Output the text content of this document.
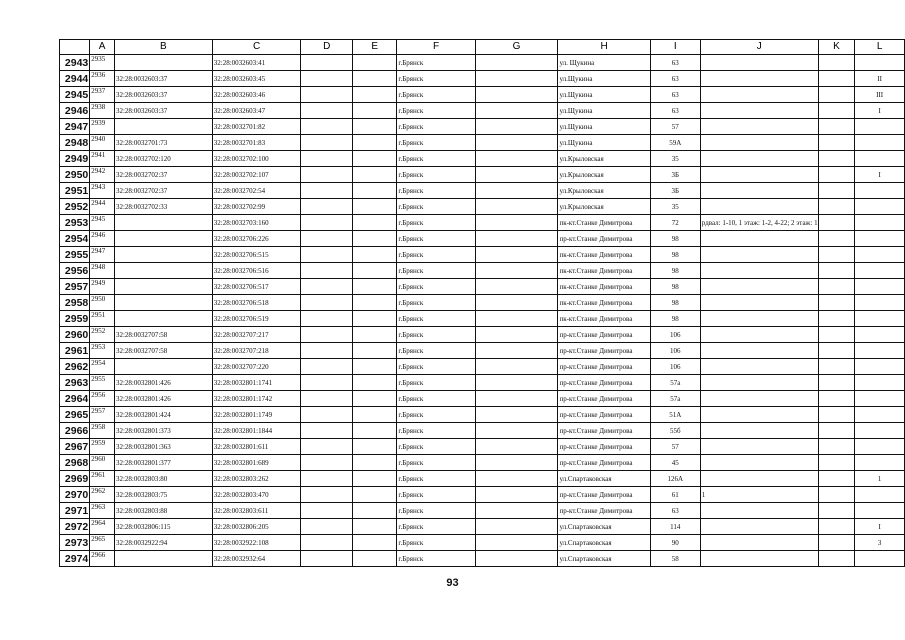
	A	B	C	D	E	F	G	H	I	J	K	L
2943	2935		32:28:0032603:41			г.Брянск		ул. Щукина	63			
2944	2936	32:28:0032603:37	32:28:0032603:45			г.Брянск		ул.Щукина	63			II
2945	2937	32:28:0032603:37	32:28:0032603:46			г.Брянск		ул.Щукина	63			III
2946	2938	32:28:0032603:37	32:28:0032603:47			г.Брянск		ул.Щукина	63			I
2947	2939		32:28:0032701:82			г.Брянск		ул.Щукина	57			
2948	2940	32:28:0032701:73	32:28:0032701:83			г.Брянск		ул.Щукина	59А			
2949	2941	32:28:0032702:120	32:28:0032702:100			г.Брянск		ул.Крыловская	35			
2950	2942	32:28:0032702:37	32:28:0032702:107			г.Брянск		ул.Крыловская	3Б			I
2951	2943	32:28:0032702:37	32:28:0032702:54			г.Брянск		ул.Крыловская	3Б			
2952	2944	32:28:0032702:33	32:28:0032702:99			г.Брянск		ул.Крыловская	35			
2953	2945		32:28:0032703:160			г.Брянск		пк-кт.Станке Димитрова	72	рдвал: 1-10, 1 этаж: 1-2, 4-22; 2 этаж: 1		
2954	2946		32:28:0032706:226			г.Брянск		пр-кт.Станке Димитрова	98			
2955	2947		32:28:0032706:515			г.Брянск		пк-кт.Станке Димитрова	98			
2956	2948		32:28:0032706:516			г.Брянск		пк-кт.Станке Димитрова	98			
2957	2949		32:28:0032706:517			г.Брянск		пк-кт.Станке Димитрова	98			
2958	2950		32:28:0032706:518			г.Брянск		пк-кт.Станке Димитрова	98			
2959	2951		32:28:0032706:519			г.Брянск		пк-кт.Станке Димитрова	98			
2960	2952	32:28:0032707:58	32:28:0032707:217			г.Брянск		пр-кт.Станке Димитрова	106			
2961	2953	32:28:0032707:58	32:28:0032707:218			г.Брянск		пр-кт.Станке Димитрова	106			
2962	2954		32:28:0032707:220			г.Брянск		пр-кт.Станке Димитрова	106			
2963	2955	32:28:0032801:426	32:28:0032801:1741			г.Брянск		пр-кт.Станке Димитрова	57а			
2964	2956	32:28:0032801:426	32:28:0032801:1742			г.Брянск		пр-кт.Станке Димитрова	57а			
2965	2957	32:28:0032801:424	32:28:0032801:1749			г.Брянск		пр-кт.Станке Димитрова	51А			
2966	2958	32:28:0032801:373	32:28:0032801:1844			г.Брянск		пр-кт.Станке Димитрова	55б			
2967	2959	32:28:0032801:363	32:28:0032801:611			г.Брянск		пр-кт.Станке Димитрова	57			
2968	2960	32:28:0032801:377	32:28:0032801:689			г.Брянск		пр-кт.Станке Димитрова	45			
2969	2961	32:28:0032803:80	32:28:0032803:262			г.Брянск		ул.Спартаковская	126А			1
2970	2962	32:28:0032803:75	32:28:0032803:470			г.Брянск		пр-кт.Станке Димитрова	61	1		
2971	2963	32:28:0032803:88	32:28:0032803:611			г.Брянск		пр-кт.Станке Димитрова	63			
2972	2964	32:28:0032806:115	32:28:0032806:205			г.Брянск		ул.Спартаковская	114			I
2973	2965	32:28:0032922:94	32:28:0032922:108			г.Брянск		ул.Спартаковская	90			3
2974	2966		32:28:0032932:64			г.Брянск		ул.Спартаковская	58			
93
